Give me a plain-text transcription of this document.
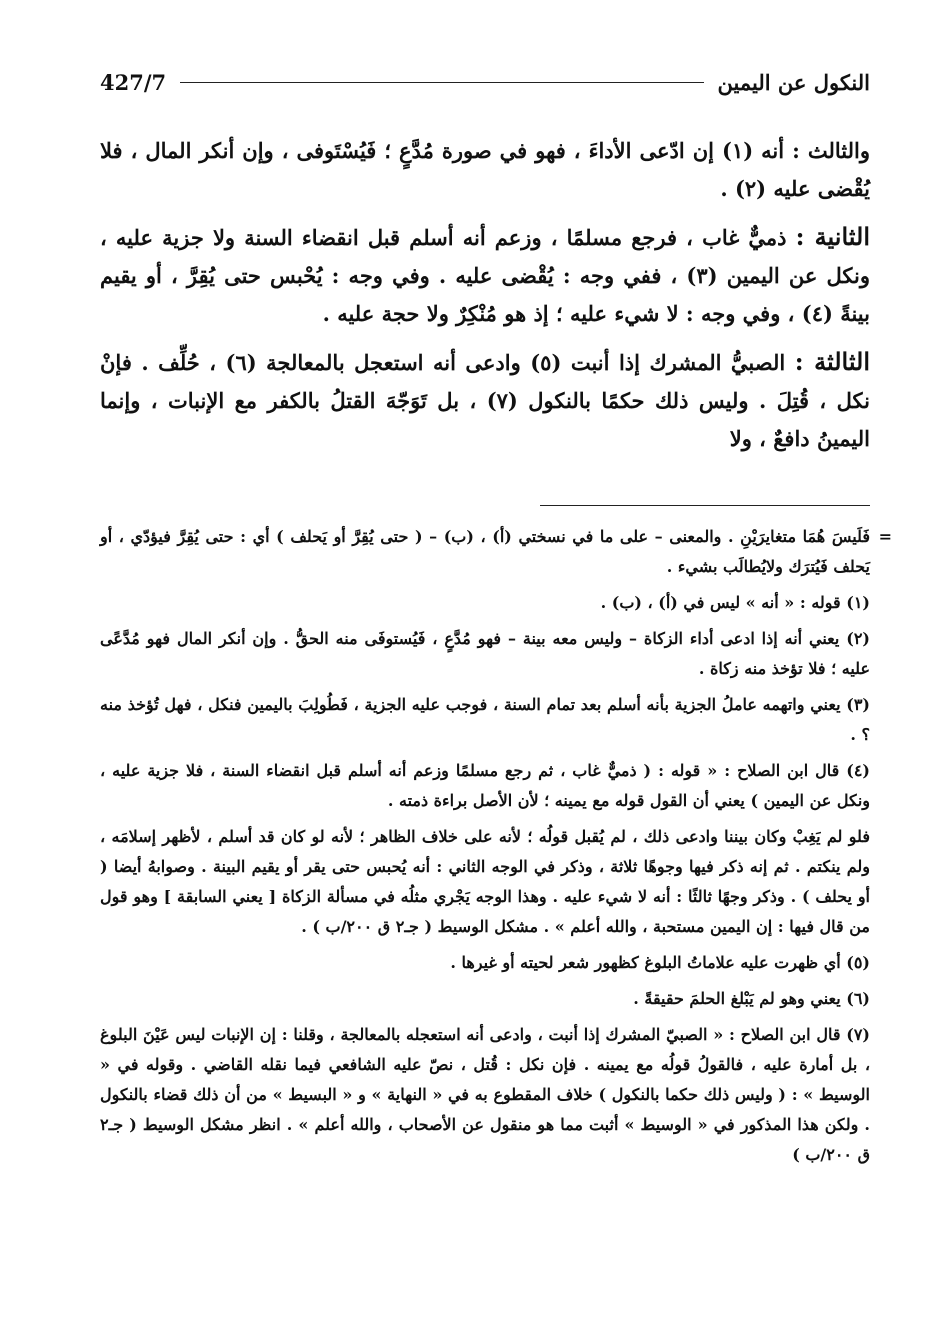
النكول عن اليمين
427/7

والثالث : أنه (١) إن ادّعى الأداءَ ، فهو في صورة مُدَّعٍ ؛ فَيُسْتَوفى ، وإن أنكر المال ، فلا يُقْضى عليه (٢) .

الثانية : ذميٌّ غاب ، فرجع مسلمًا ، وزعم أنه أسلم قبل انقضاء السنة ولا جزية عليه ، ونكل عن اليمين (٣) ، ففي وجه : يُقْضى عليه . وفي وجه : يُحْبس حتى يُقِرَّ ، أو يقيم بينةً (٤) ، وفي وجه : لا شيء عليه ؛ إذ هو مُنْكِرٌ ولا حجة عليه .

الثالثة : الصبيُّ المشرك إذا أنبت (٥) وادعى أنه استعجل بالمعالجة (٦) ، حُلِّف . فإنْ نكل ، قُتِلَ . وليس ذلك حكمًا بالنكول (٧) ، بل تَوَجّهَ القتلُ بالكفر مع الإنبات ، وإنما اليمينُ دافعٌ ، ولا

=
فَلَيسَ هُمَا متغايرَيْنِ . والمعنى – على ما في نسختي (أ) ، (ب) – ( حتى يُقِرَّ أو يَحلف ) أي : حتى يُقِرَّ فيؤدّي ، أو يَحلف فَيُترَك ولايُطالَب بشيء .

(١) قوله : « أنه » ليس في (أ) ، (ب) .

(٢) يعني أنه إذا ادعى أداء الزكاة – وليس معه بينة – فهو مُدَّعٍ ، فَيُستوفَى منه الحقُّ . وإن أنكر المال فهو مُدَّعًى عليه ؛ فلا تؤخذ منه زكاة .

(٣) يعني واتهمه عاملُ الجزية بأنه أسلم بعد تمام السنة ، فوجب عليه الجزية ، فَطُولِبَ باليمين فنكل ، فهل تُؤخذ منه ؟ .

(٤) قال ابن الصلاح : « قوله : ( ذميٌّ غاب ، ثم رجع مسلمًا وزعم أنه أسلم قبل انقضاء السنة ، فلا جزية عليه ، ونكل عن اليمين ) يعني أن القول قوله مع يمينه ؛ لأن الأصل براءة ذمته .

فلو لم يَغِبْ وكان بيننا وادعى ذلك ، لم يُقبل قولُه ؛ لأنه على خلاف الظاهر ؛ لأنه لو كان قد أسلم ، لأظهر إسلامَه ، ولم ينكتم . ثم إنه ذكر فيها وجوهًا ثلاثة ، وذكر في الوجه الثاني : أنه يُحبس حتى يقر أو يقيم البينة . وصوابهُ أيضا ( أو يحلف ) . وذكر وجهًا ثالثًا : أنه لا شيء عليه . وهذا الوجه يَجْري مثلُه في مسألة الزكاة [ يعني السابقة ] وهو قول من قال فيها : إن اليمين مستحبة ، والله أعلم » . مشكل الوسيط ( جـ٢ ق ٢٠٠/ب ) .

(٥) أي ظهرت عليه علاماتُ البلوغ كظهور شعر لحيته أو غيرها .

(٦) يعني وهو لم يَبْلغ الحلمَ حقيقةً .

(٧) قال ابن الصلاح : « الصبيّ المشرك إذا أنبت ، وادعى أنه استعجله بالمعالجة ، وقلنا : إن الإنبات ليس عَيْنَ البلوغ ، بل أمارة عليه ، فالقولُ قولُه مع يمينه . فإن نكل : قُتل ، نصّ عليه الشافعي فيما نقله القاضي . وقوله في « الوسيط » : ( وليس ذلك حكما بالنكول ) خلاف المقطوع به في « النهاية » و « البسيط » من أن ذلك قضاء بالنكول . ولكن هذا المذكور في « الوسيط » أثبت مما هو منقول عن الأصحاب ، والله أعلم » . انظر مشكل الوسيط ( جـ٢ ق ٢٠٠/ب )
